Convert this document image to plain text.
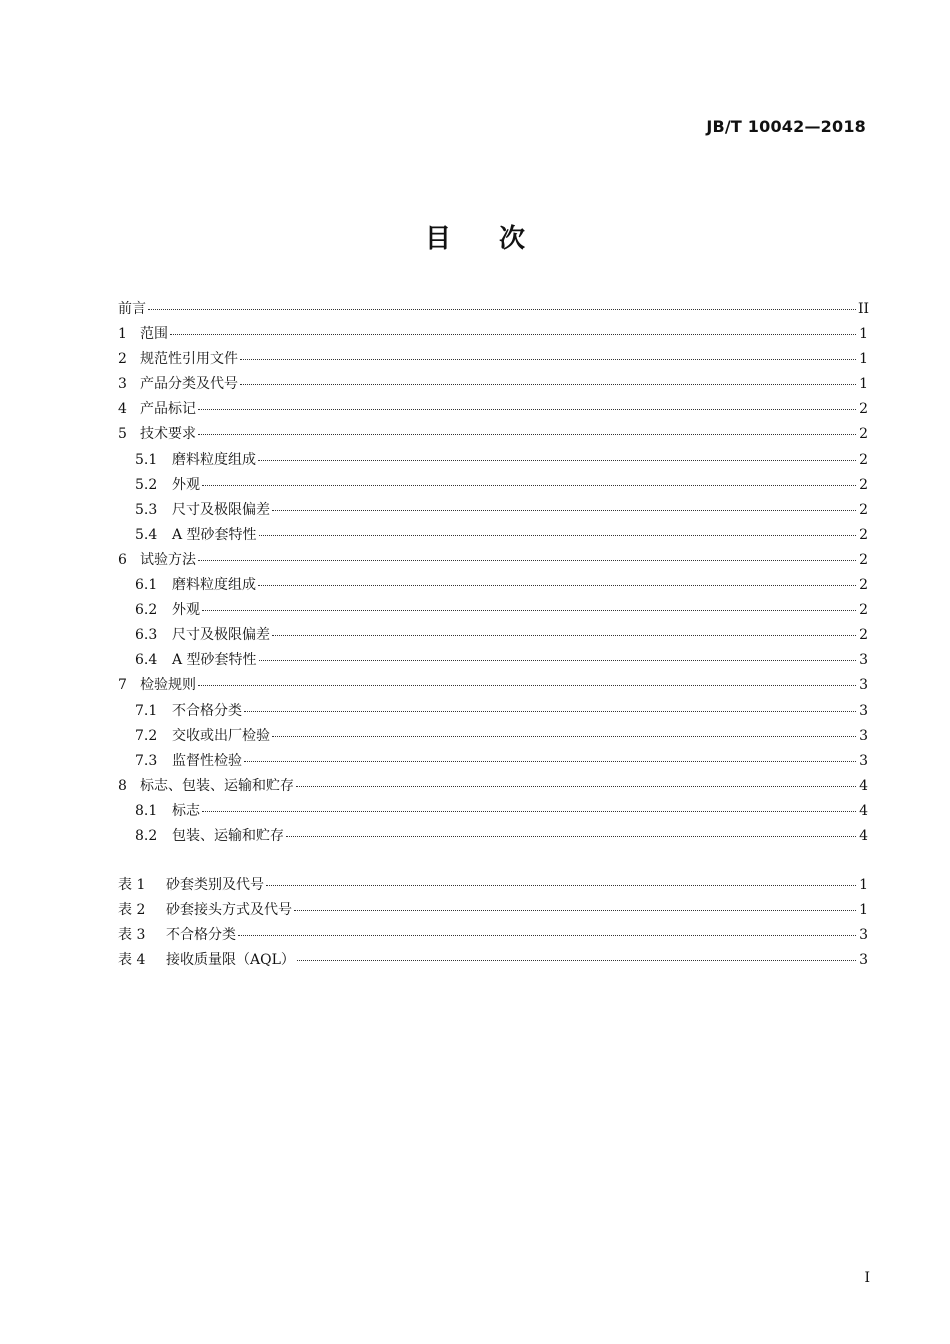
JB/T 10042—2018
目 次
前言	II
1 范围	1
2 规范性引用文件	1
3 产品分类及代号	1
4 产品标记	2
5 技术要求	2
5.1	磨料粒度组成	2
5.2	外观	2
5.3	尺寸及极限偏差	2
5.4	A 型砂套特性	2
6 试验方法	2
6.1	磨料粒度组成	2
6.2	外观	2
6.3	尺寸及极限偏差	2
6.4	A 型砂套特性	3
7 检验规则	3
7.1	不合格分类	3
7.2	交收或出厂检验	3
7.3	监督性检验	3
8 标志、包装、运输和贮存	4
8.1	标志	4
8.2	包装、运输和贮存	4
表 1	砂套类别及代号	1
表 2	砂套接头方式及代号	1
表 3	不合格分类	3
表 4	接收质量限（AQL）	3
I
